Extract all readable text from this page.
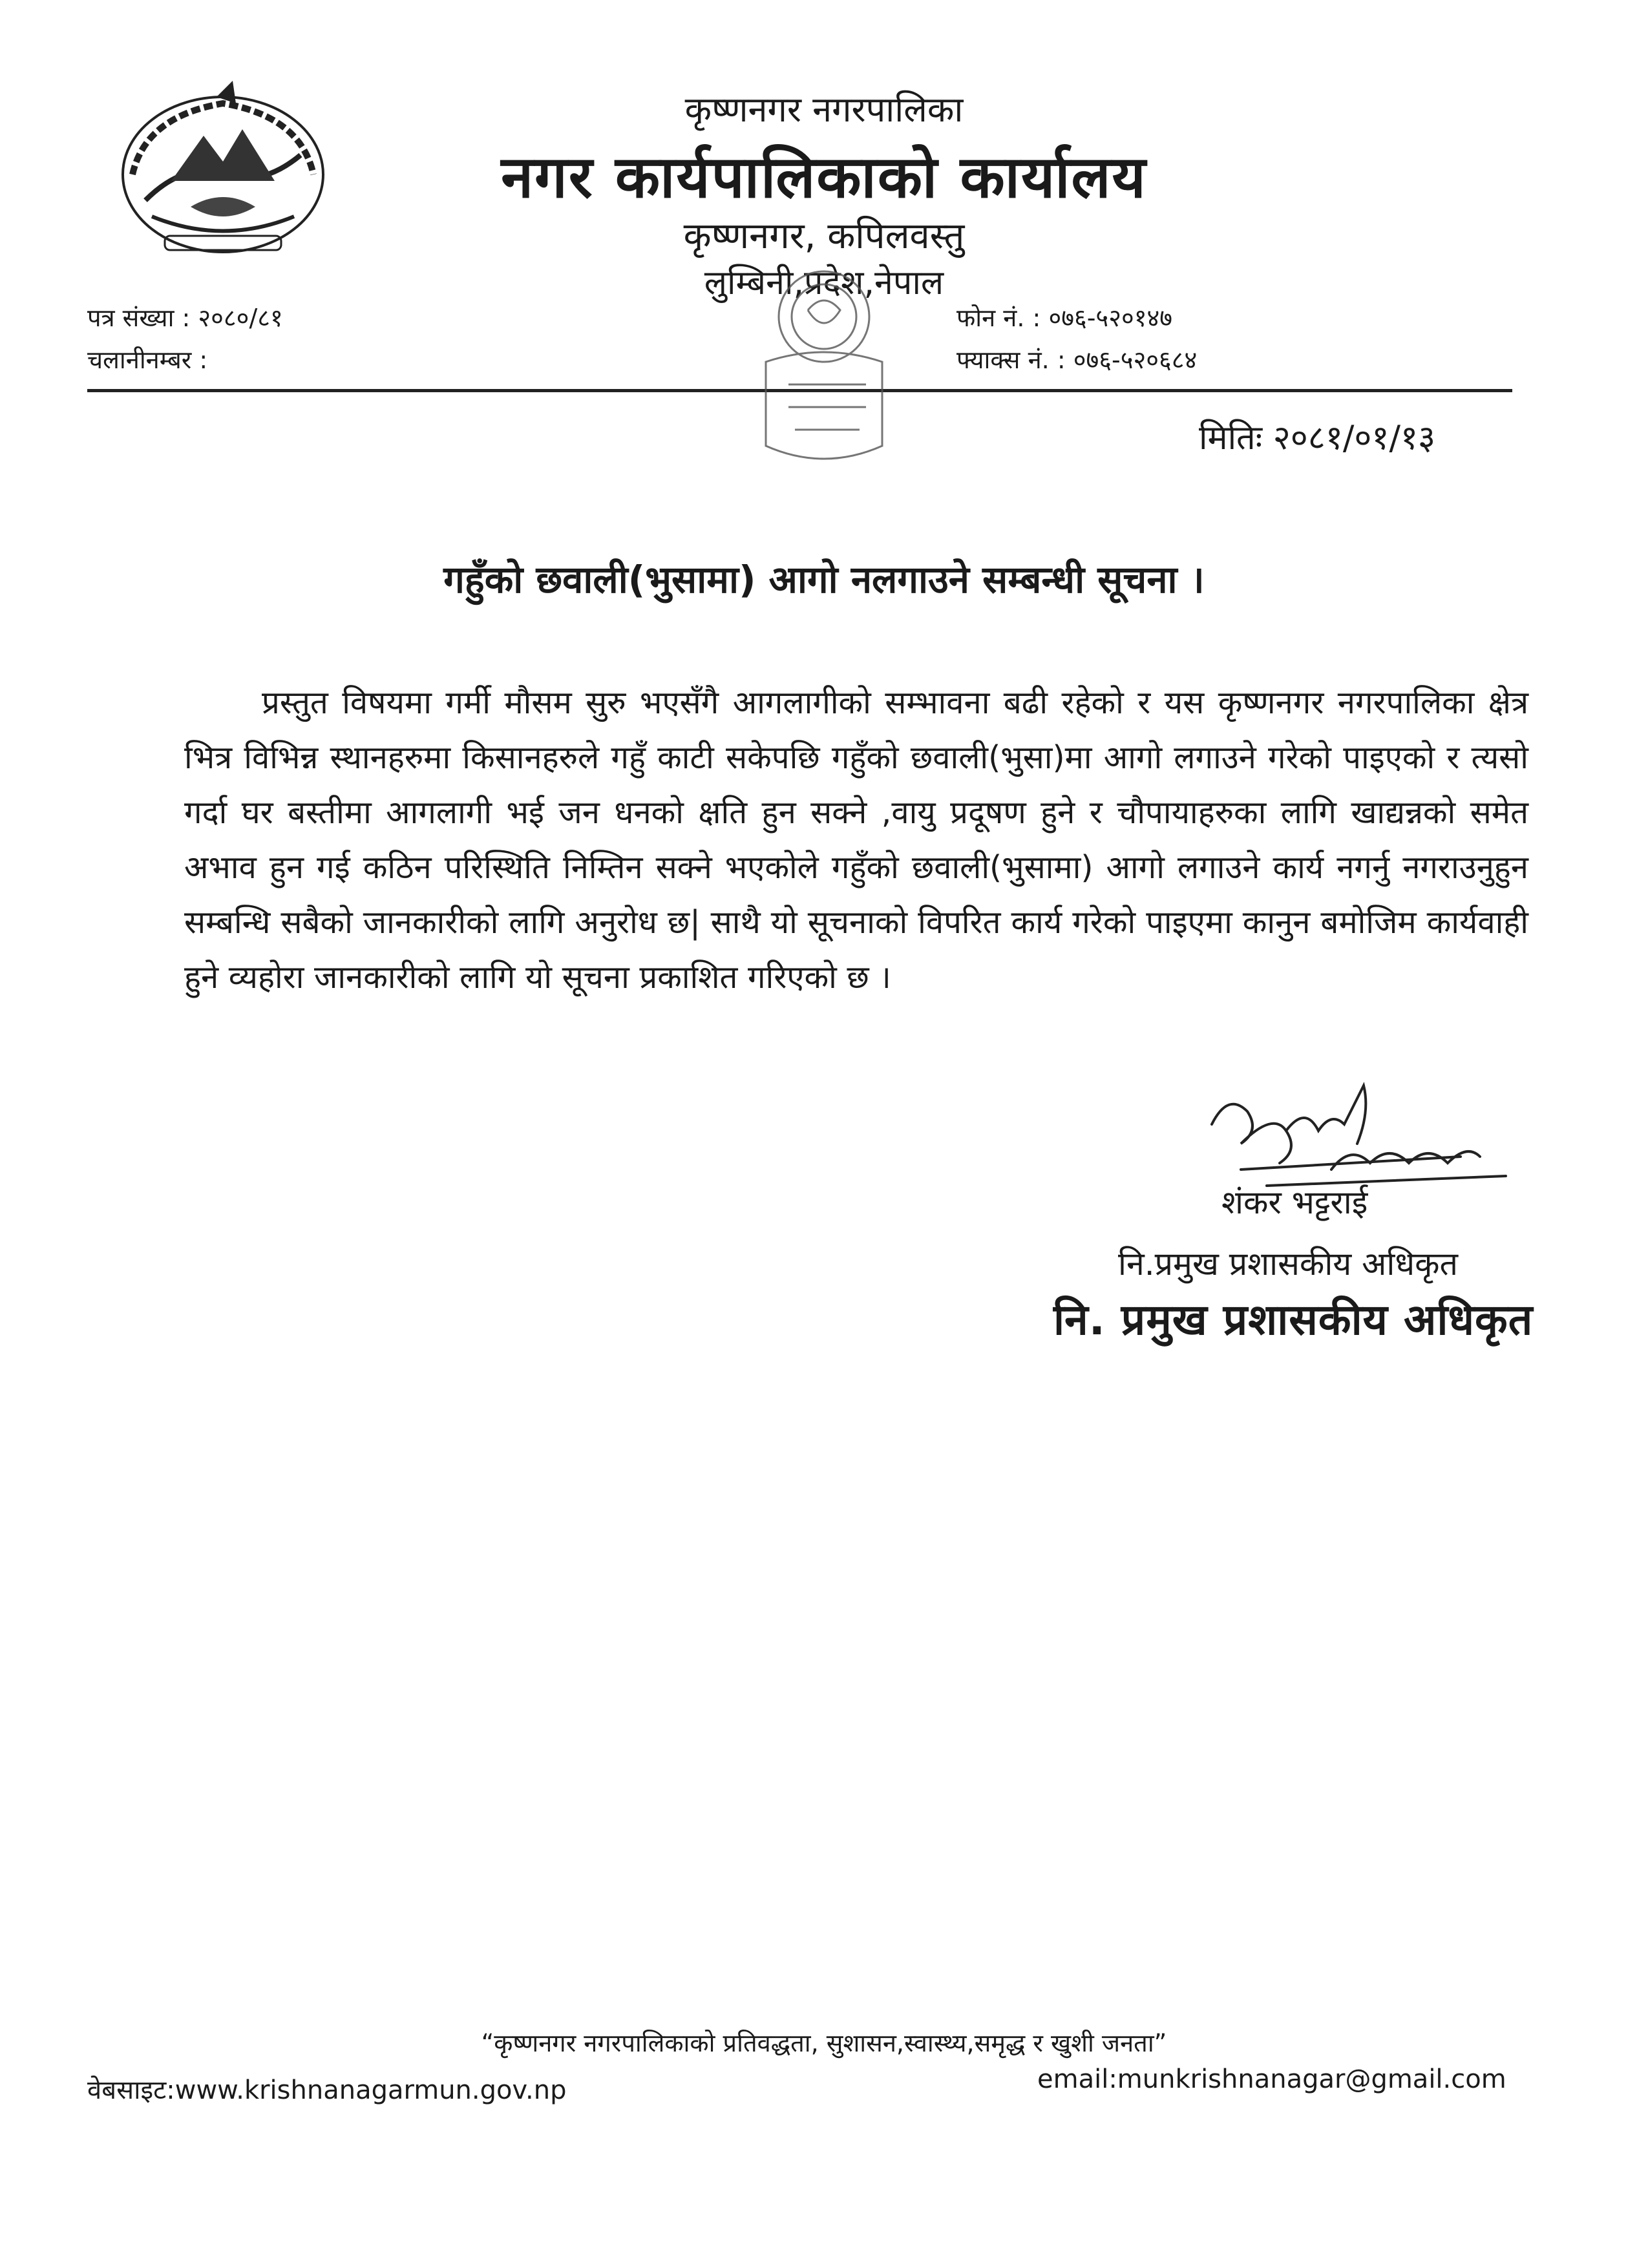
कृष्णनगर नगरपालिका
नगर कार्यपालिकाको कार्यालय
कृष्णनगर, कपिलवस्तु
लुम्बिनी,प्रदेश,नेपाल
पत्र संख्या : २०८०/८१
चलानीनम्बर :
फोन नं. : ०७६-५२०१४७
फ्याक्स नं. : ०७६-५२०६८४
मितिः २०८१/०१/१३
गहुँको छवाली(भुसामा) आगो नलगाउने सम्बन्धी सूचना ।
प्रस्तुत विषयमा गर्मी मौसम सुरु भएसँगै आगलागीको सम्भावना बढी रहेको र यस कृष्णनगर नगरपालिका क्षेत्र भित्र विभिन्न स्थानहरुमा किसानहरुले गहुँ काटी सकेपछि गहुँको छवाली(भुसा)मा आगो लगाउने गरेको पाइएको र त्यसो गर्दा घर बस्तीमा आगलागी भई जन धनको क्षति हुन सक्ने ,वायु प्रदूषण हुने र चौपायाहरुका लागि खाद्यन्नको समेत अभाव हुन गई कठिन परिस्थिति निम्तिन सक्ने भएकोले गहुँको छवाली(भुसामा) आगो लगाउने कार्य नगर्नु नगराउनुहुन सम्बन्धि सबैको जानकारीको लागि अनुरोध छ| साथै यो सूचनाको विपरित कार्य गरेको पाइएमा कानुन बमोजिम कार्यवाही हुने व्यहोरा जानकारीको लागि यो सूचना प्रकाशित गरिएको छ ।
शंकर भट्टराई
नि.प्रमुख प्रशासकीय अधिकृत
नि. प्रमुख प्रशासकीय अधिकृत
“कृष्णनगर नगरपालिकाको प्रतिवद्धता, सुशासन,स्वास्थ्य,समृद्ध र खुशी जनता”
वेबसाइट:www.krishnanagarmun.gov.np	email:munkrishnanagar@gmail.com
